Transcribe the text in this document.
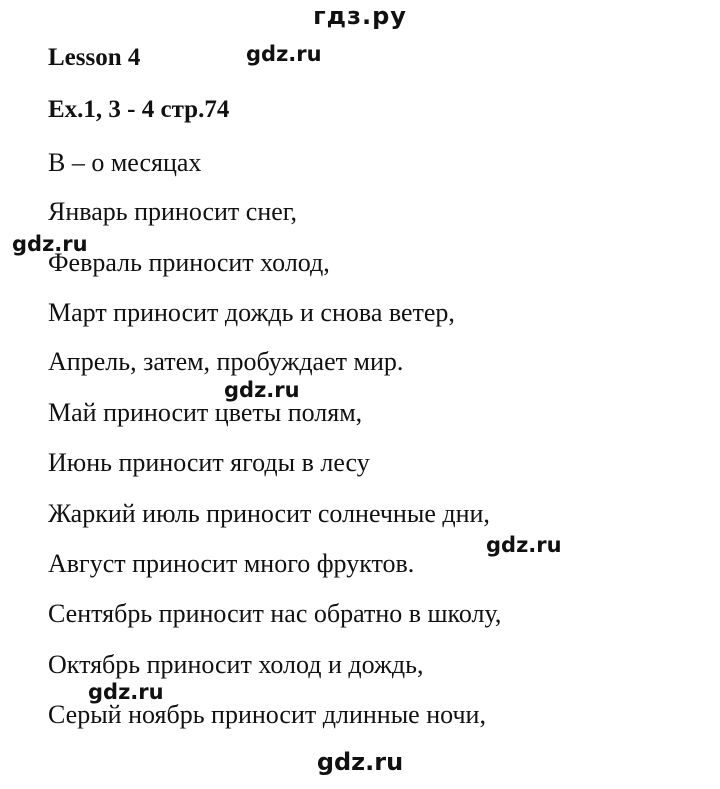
гдз.ру
Lesson 4	gdz.ru
Ex.1, 3 - 4 стр.74
B – о месяцах
Январь приносит снег,
gdz.ru
Февраль приносит холод,
Март приносит дождь и снова ветер,
Апрель, затем, пробуждает мир.
gdz.ru
Май приносит цветы полям,
Июнь приносит ягоды в лесу
Жаркий июль приносит солнечные дни,
gdz.ru
Август приносит много фруктов.
Сентябрь приносит нас обратно в школу,
Октябрь приносит холод и дождь,
gdz.ru
Серый ноябрь приносит длинные ночи,
gdz.ru
